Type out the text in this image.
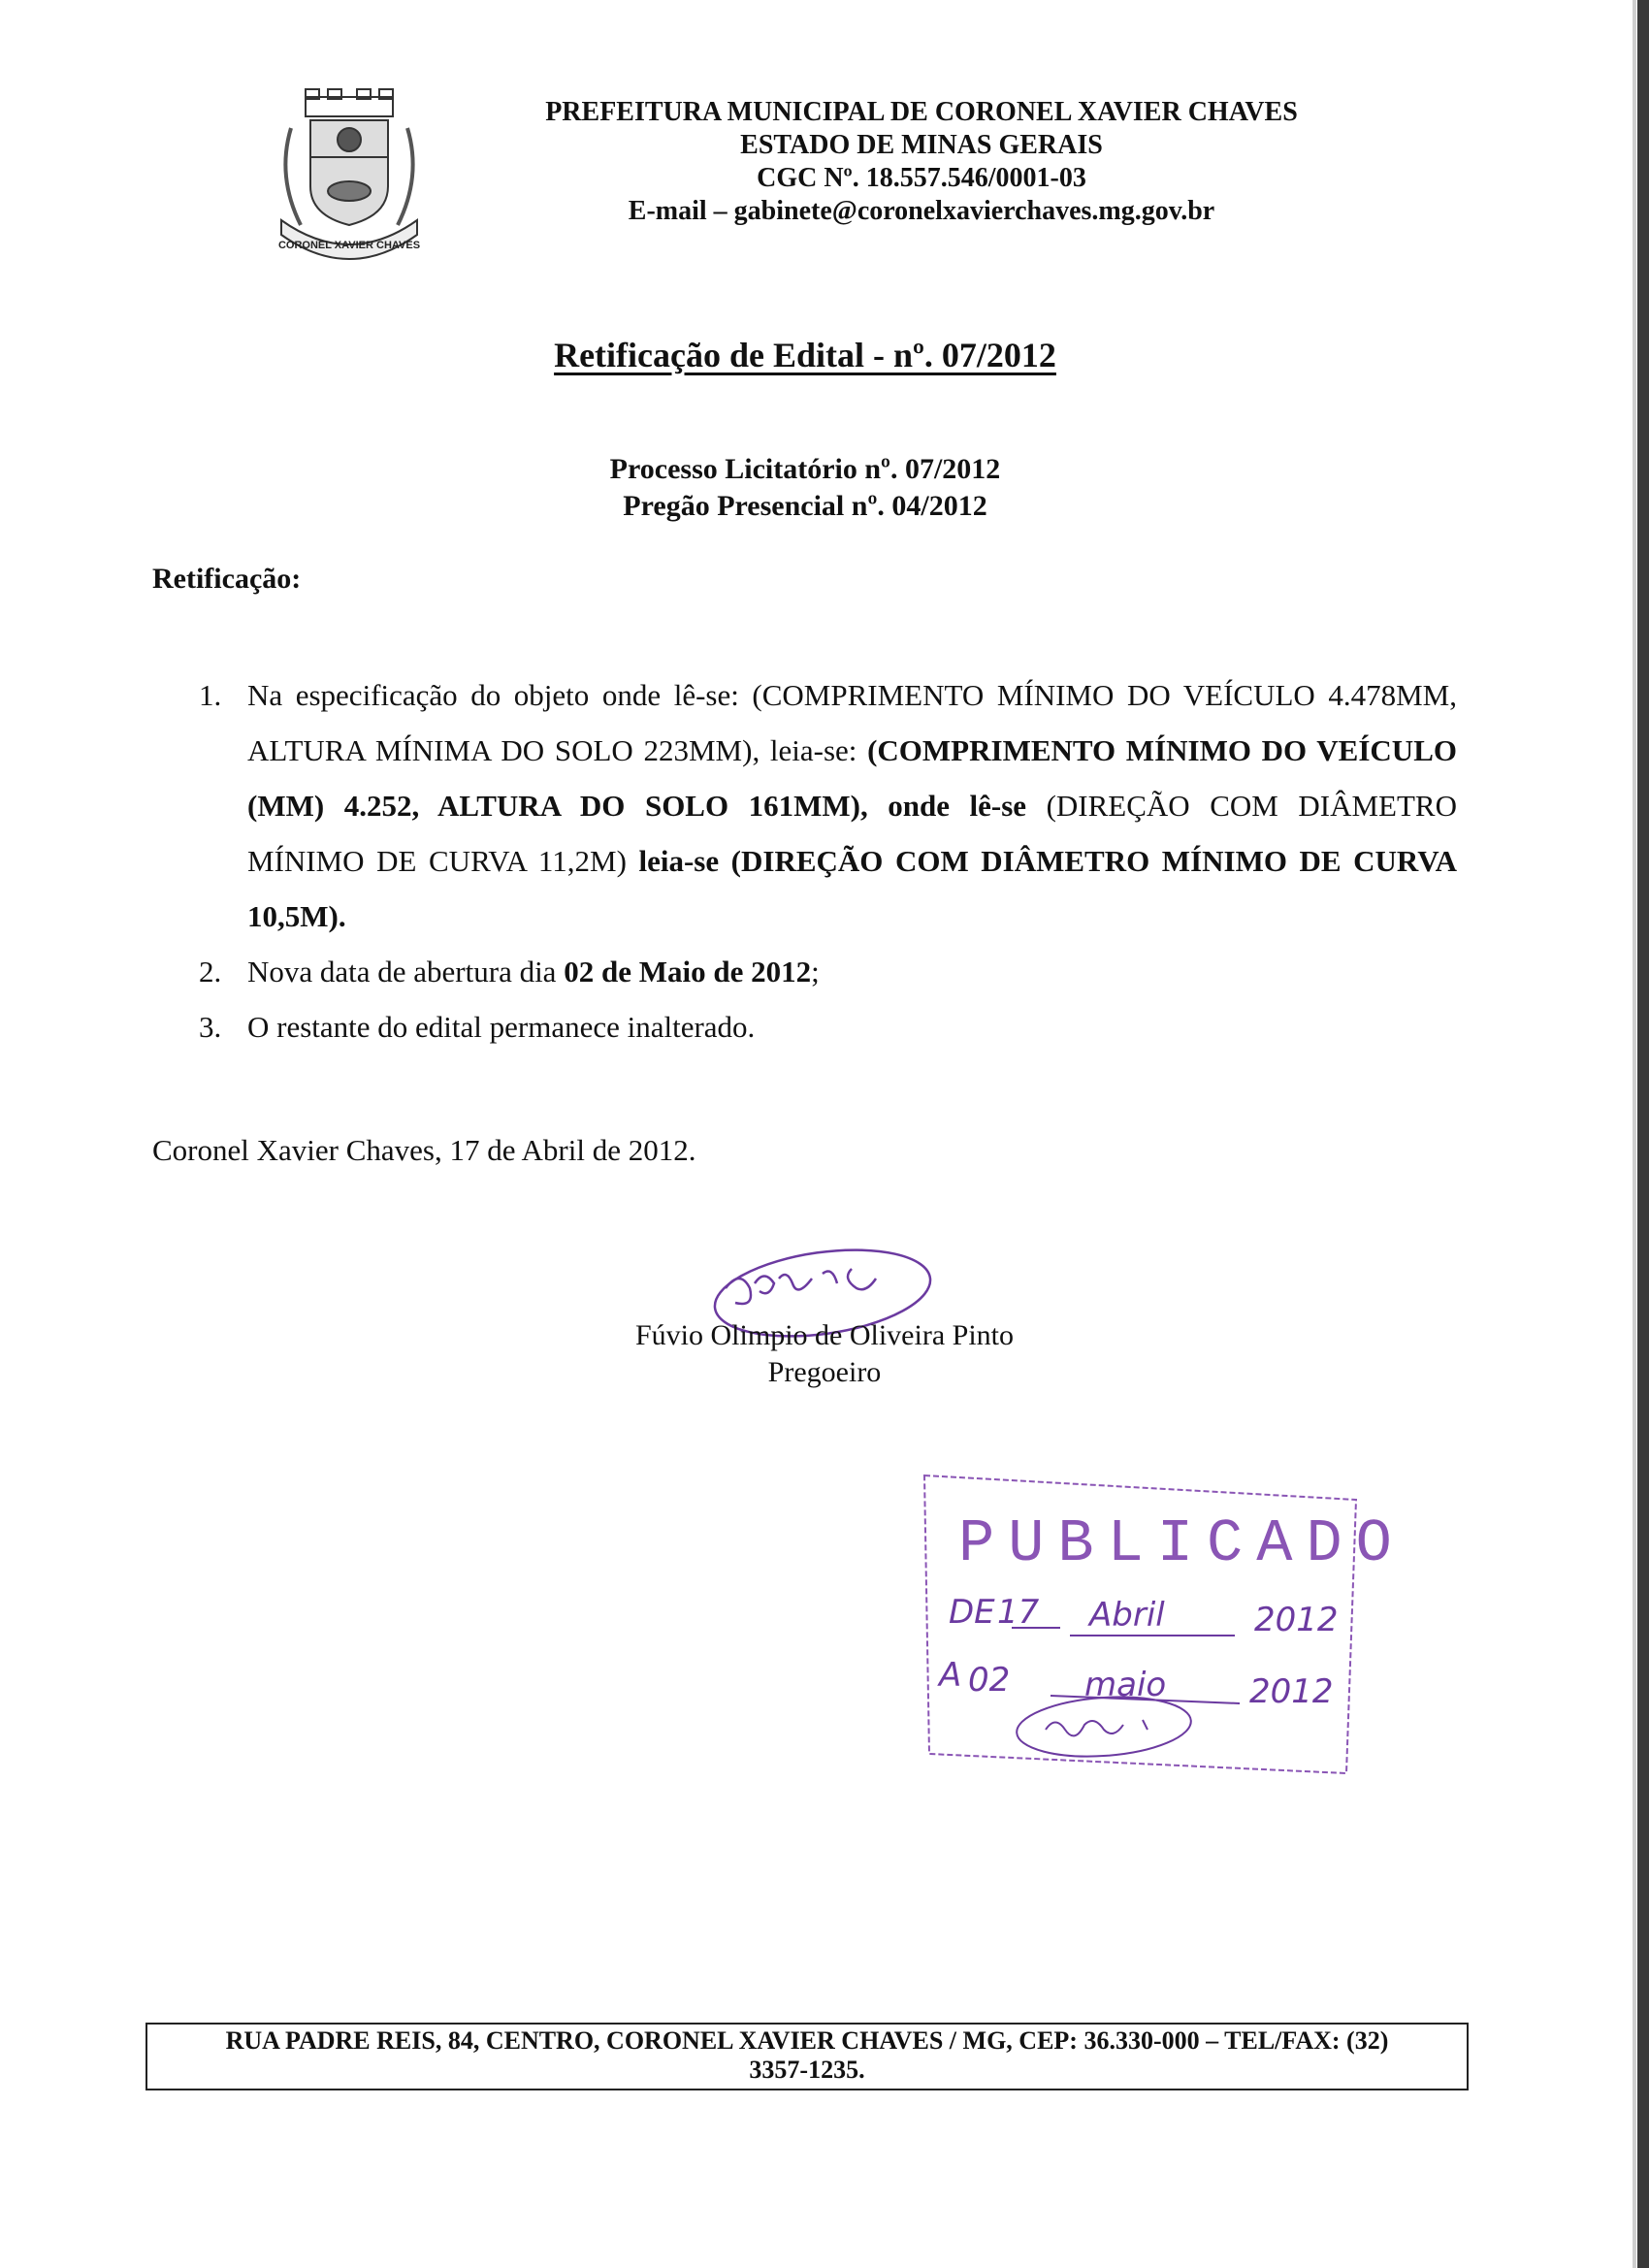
CORONEL XAVIER CHAVES
PREFEITURA MUNICIPAL DE CORONEL XAVIER CHAVES
ESTADO DE MINAS GERAIS
CGC Nº. 18.557.546/0001-03
E-mail – gabinete@coronelxavierchaves.mg.gov.br
Retificação de Edital - nº. 07/2012
Processo Licitatório nº. 07/2012
Pregão Presencial nº. 04/2012
Retificação:
1. Na especificação do objeto onde lê-se: (COMPRIMENTO MÍNIMO DO VEÍCULO 4.478MM, ALTURA MÍNIMA DO SOLO 223MM), leia-se: (COMPRIMENTO MÍNIMO DO VEÍCULO (MM) 4.252, ALTURA DO SOLO 161MM), onde lê-se (DIREÇÃO COM DIÂMETRO MÍNIMO DE CURVA 11,2M) leia-se (DIREÇÃO COM DIÂMETRO MÍNIMO DE CURVA 10,5M).
2. Nova data de abertura dia 02 de Maio de 2012;
3. O restante do edital permanece inalterado.
Coronel Xavier Chaves, 17 de Abril de 2012.
Fúvio Olimpio de Oliveira Pinto
Pregoeiro
PUBLICADO
DE 17 Abril	2012
A 02 maio	2012
RUA PADRE REIS, 84, CENTRO, CORONEL XAVIER CHAVES / MG, CEP: 36.330-000 – TEL/FAX: (32)
3357-1235.
